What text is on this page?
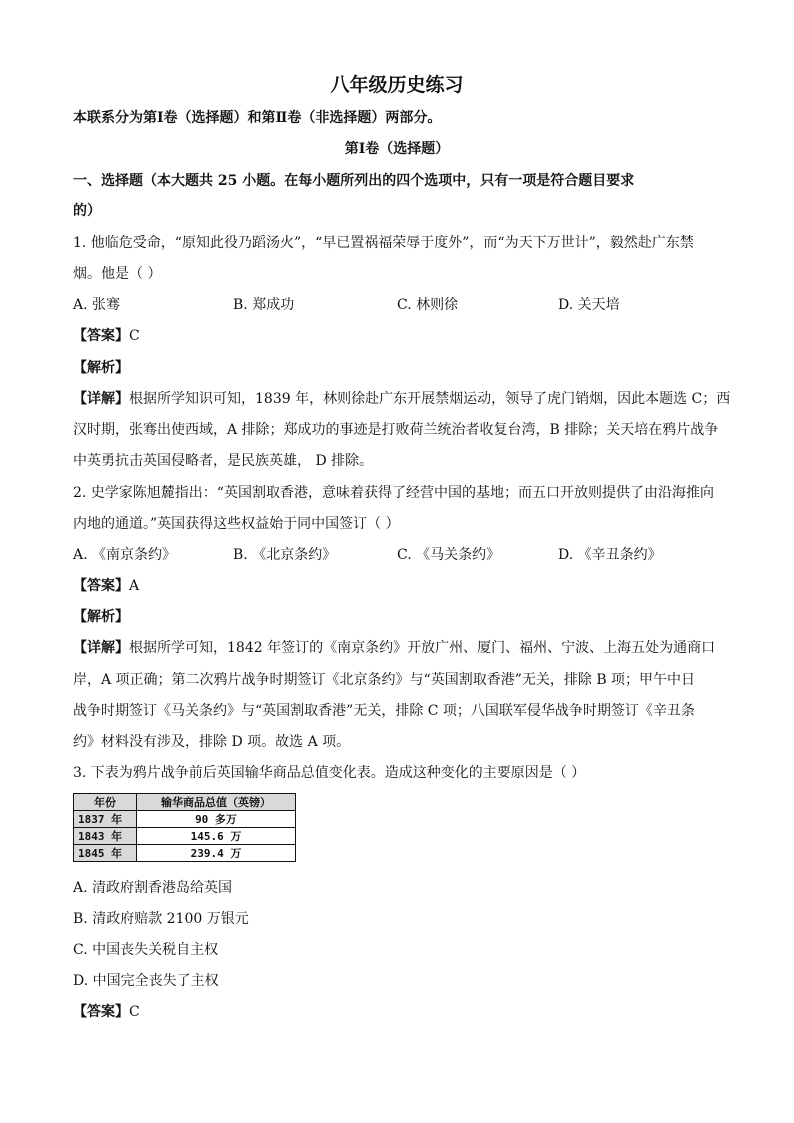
八年级历史练习
本联系分为第Ⅰ卷（选择题）和第Ⅱ卷（非选择题）两部分。
第Ⅰ卷（选择题）
一、选择题（本大题共 25 小题。在每小题所列出的四个选项中，只有一项是符合题目要求
的）
1. 他临危受命，“原知此役乃蹈汤火”，“早已置祸福荣辱于度外”，而“为天下万世计”，毅然赴广东禁
烟。他是（ ）
A. 张骞	B. 郑成功	C. 林则徐	D. 关天培
【答案】C
【解析】
【详解】根据所学知识可知，1839 年，林则徐赴广东开展禁烟运动，领导了虎门销烟，因此本题选 C；西
汉时期，张骞出使西域，A 排除；郑成功的事迹是打败荷兰统治者收复台湾，B 排除；关天培在鸦片战争
中英勇抗击英国侵略者，是民族英雄， D 排除。
2. 史学家陈旭麓指出：“英国割取香港，意味着获得了经营中国的基地；而五口开放则提供了由沿海推向
内地的通道。”英国获得这些权益始于同中国签订（ ）
A. 《南京条约》	B. 《北京条约》	C. 《马关条约》	D. 《辛丑条约》
【答案】A
【解析】
【详解】根据所学可知，1842 年签订的《南京条约》开放广州、厦门、福州、宁波、上海五处为通商口
岸，A 项正确；第二次鸦片战争时期签订《北京条约》与“英国割取香港”无关，排除 B 项；甲午中日
战争时期签订《马关条约》与“英国割取香港”无关，排除 C 项；八国联军侵华战争时期签订《辛丑条
约》材料没有涉及，排除 D 项。故选 A 项。
3. 下表为鸦片战争前后英国输华商品总值变化表。造成这种变化的主要原因是（ ）
年份	输华商品总值（英镑）
1837 年	90 多万
1843 年	145.6 万
1845 年	239.4 万
A. 清政府割香港岛给英国
B. 清政府赔款 2100 万银元
C. 中国丧失关税自主权
D. 中国完全丧失了主权
【答案】C
